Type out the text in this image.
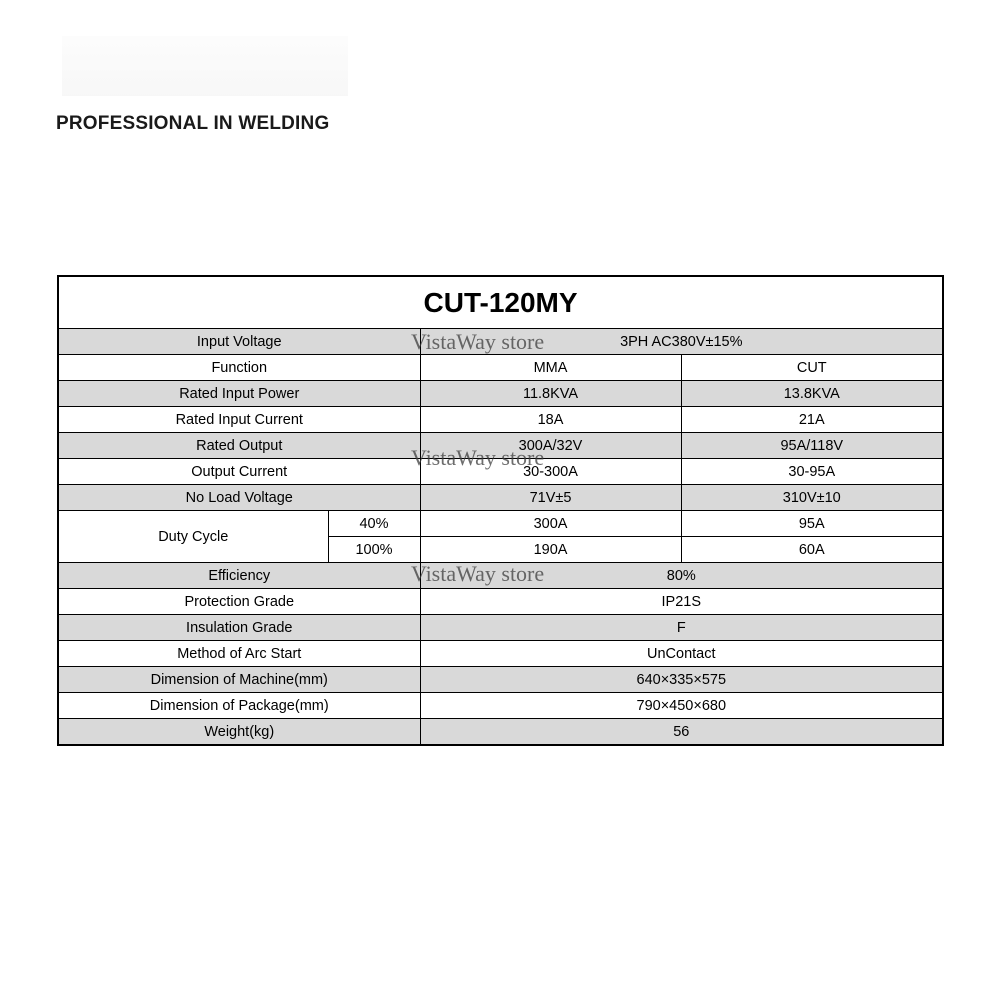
PROFESSIONAL IN WELDING
CUT-120MY			
Input Voltage		3PH AC380V±15%	
Function		MMA	CUT
Rated Input Power		11.8KVA	13.8KVA
Rated Input Current		18A	21A
Rated Output		300A/32V	95A/118V
Output Current		30-300A	30-95A
No Load Voltage		71V±5	310V±10
Duty Cycle	40%	300A	95A
	100%	190A	60A
Efficiency		80%	
Protection Grade		IP21S	
Insulation Grade		F	
Method of Arc Start		UnContact	
Dimension of Machine(mm)		640×335×575	
Dimension of Package(mm)		790×450×680	
Weight(kg)		56	
VistaWay store
VistaWay store
VistaWay store
